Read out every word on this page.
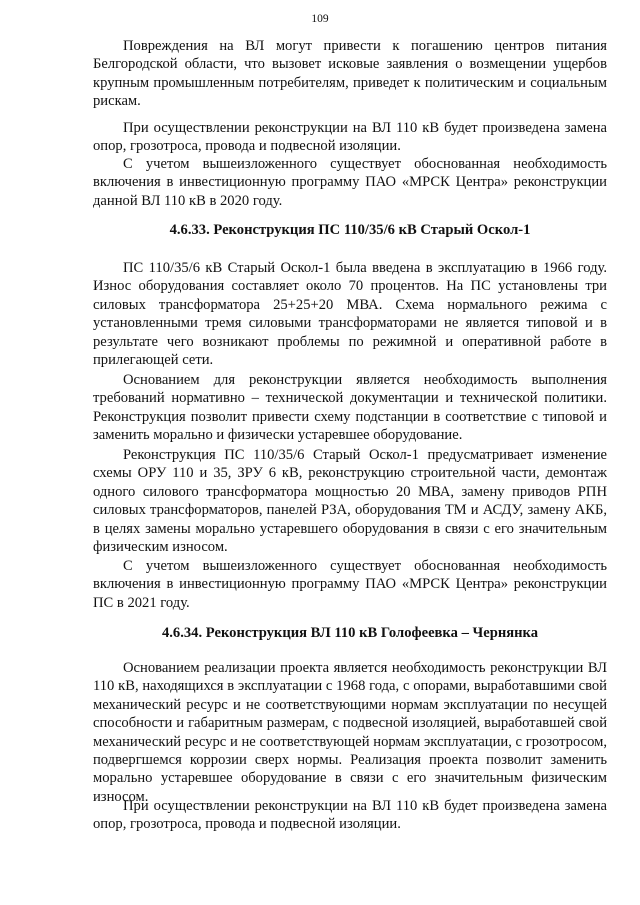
109

Повреждения на ВЛ могут привести к погашению центров питания Белгородской области, что вызовет исковые заявления о возмещении ущербов крупным промышленным потребителям, приведет к политическим и социальным рискам.

При осуществлении реконструкции на ВЛ 110 кВ будет произведена замена опор, грозотроса, провода и подвесной изоляции.

С учетом вышеизложенного существует обоснованная необходимость включения в инвестиционную программу ПАО «МРСК Центра» реконструкции данной ВЛ 110 кВ в 2020 году.

4.6.33. Реконструкция ПС 110/35/6 кВ Старый Оскол-1

ПС 110/35/6 кВ Старый Оскол-1 была введена в эксплуатацию в 1966 году. Износ оборудования составляет около 70 процентов. На ПС установлены три силовых трансформатора 25+25+20 МВА. Схема нормального режима с установленными тремя силовыми трансформаторами не является типовой и в результате чего возникают проблемы по режимной и оперативной работе в прилегающей сети.

Основанием для реконструкции является необходимость выполнения требований нормативно – технической документации и технической политики. Реконструкция позволит привести схему подстанции в соответствие с типовой и заменить морально и физически устаревшее оборудование.

Реконструкция ПС 110/35/6 Старый Оскол-1 предусматривает изменение схемы ОРУ 110 и 35, ЗРУ 6 кВ, реконструкцию строительной части, демонтаж одного силового трансформатора мощностью 20 МВА, замену приводов РПН силовых трансформаторов, панелей РЗА, оборудования ТМ и АСДУ, замену АКБ, в целях замены морально устаревшего оборудования в связи с его значительным физическим износом.

С учетом вышеизложенного существует обоснованная необходимость включения в инвестиционную программу ПАО «МРСК Центра» реконструкции ПС в 2021 году.

4.6.34. Реконструкция ВЛ 110 кВ Голофеевка – Чернянка

Основанием реализации проекта является необходимость реконструкции ВЛ 110 кВ, находящихся в эксплуатации с 1968 года, с опорами, выработавшими свой механический ресурс и не соответствующими нормам эксплуатации по несущей способности и габаритным размерам, с подвесной изоляцией, выработавшей свой механический ресурс и не соответствующей нормам эксплуатации, с грозотросом, подвергшемся коррозии сверх нормы. Реализация проекта позволит заменить морально устаревшее оборудование в связи с его значительным физическим износом.

При осуществлении реконструкции на ВЛ 110 кВ будет произведена замена опор, грозотроса, провода и подвесной изоляции.
